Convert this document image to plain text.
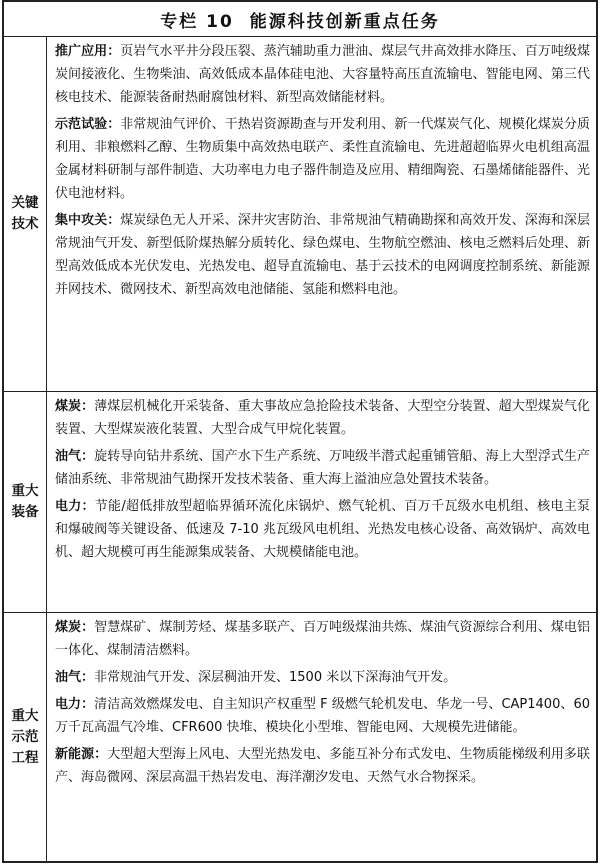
专栏 10 能源科技创新重点任务
关键技术

推广应用：页岩气水平井分段压裂、蒸汽辅助重力泄油、煤层气井高效排水降压、百万吨级煤炭间接液化、生物柴油、高效低成本晶体硅电池、大容量特高压直流输电、智能电网、第三代核电技术、能源装备耐热耐腐蚀材料、新型高效储能材料。

示范试验：非常规油气评价、干热岩资源勘查与开发利用、新一代煤炭气化、规模化煤炭分质利用、非粮燃料乙醇、生物质集中高效热电联产、柔性直流输电、先进超超临界火电机组高温金属材料研制与部件制造、大功率电力电子器件制造及应用、精细陶瓷、石墨烯储能器件、光伏电池材料。

集中攻关：煤炭绿色无人开采、深井灾害防治、非常规油气精确勘探和高效开发、深海和深层常规油气开发、新型低阶煤热解分质转化、绿色煤电、生物航空燃油、核电乏燃料后处理、新型高效低成本光伏发电、光热发电、超导直流输电、基于云技术的电网调度控制系统、新能源并网技术、微网技术、新型高效电池储能、氢能和燃料电池。

重大装备

煤炭：薄煤层机械化开采装备、重大事故应急抢险技术装备、大型空分装置、超大型煤炭气化装置、大型煤炭液化装置、大型合成气甲烷化装置。

油气：旋转导向钻井系统、国产水下生产系统、万吨级半潜式起重铺管船、海上大型浮式生产储油系统、非常规油气勘探开发技术装备、重大海上溢油应急处置技术装备。

电力：节能/超低排放型超临界循环流化床锅炉、燃气轮机、百万千瓦级水电机组、核电主泵和爆破阀等关键设备、低速及 7-10 兆瓦级风电机组、光热发电核心设备、高效锅炉、高效电机、超大规模可再生能源集成装备、大规模储能电池。

重大示范工程

煤炭：智慧煤矿、煤制芳烃、煤基多联产、百万吨级煤油共炼、煤油气资源综合利用、煤电铝一体化、煤制清洁燃料。

油气：非常规油气开发、深层稠油开发、1500 米以下深海油气开发。

电力：清洁高效燃煤发电、自主知识产权重型 F 级燃气轮机发电、华龙一号、CAP1400、60 万千瓦高温气冷堆、CFR600 快堆、模块化小型堆、智能电网、大规模先进储能。

新能源：大型超大型海上风电、大型光热发电、多能互补分布式发电、生物质能梯级利用多联产、海岛微网、深层高温干热岩发电、海洋潮汐发电、天然气水合物探采。
